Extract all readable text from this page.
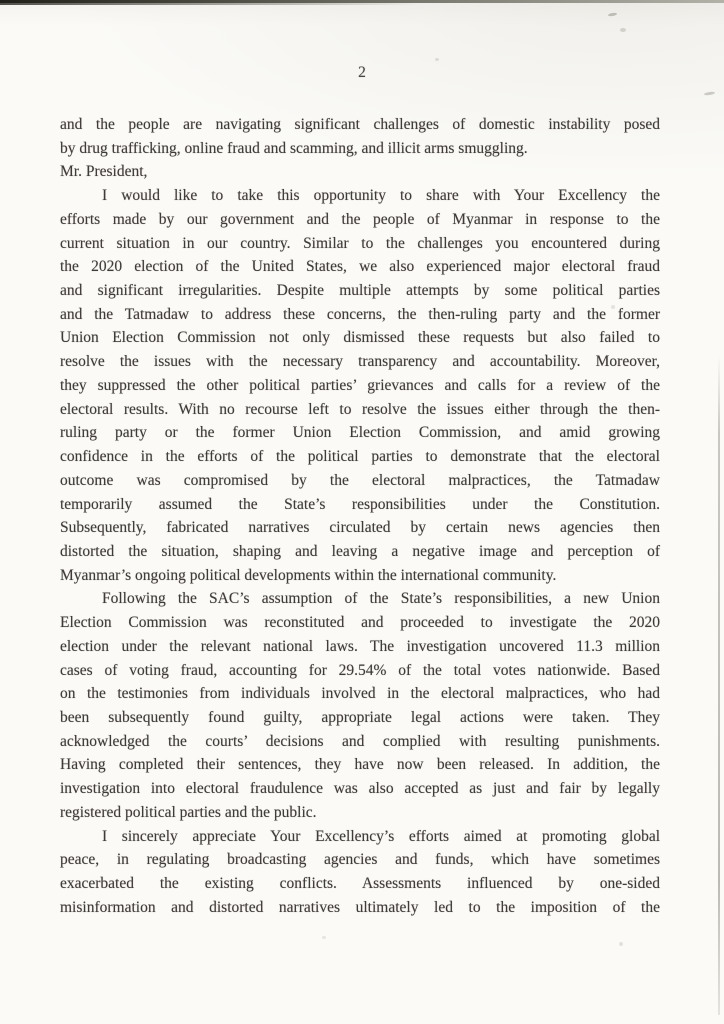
2
and the people are navigating significant challenges of domestic instability posed
by drug trafficking, online fraud and scamming, and illicit arms smuggling.
Mr. President,
I would like to take this opportunity to share with Your Excellency the
efforts made by our government and the people of Myanmar in response to the
current situation in our country. Similar to the challenges you encountered during
the 2020 election of the United States, we also experienced major electoral fraud
and significant irregularities. Despite multiple attempts by some political parties
and the Tatmadaw to address these concerns, the then-ruling party and the former
Union Election Commission not only dismissed these requests but also failed to
resolve the issues with the necessary transparency and accountability. Moreover,
they suppressed the other political parties’ grievances and calls for a review of the
electoral results. With no recourse left to resolve the issues either through the then-
ruling party or the former Union Election Commission, and amid growing
confidence in the efforts of the political parties to demonstrate that the electoral
outcome was compromised by the electoral malpractices, the Tatmadaw
temporarily assumed the State’s responsibilities under the Constitution.
Subsequently, fabricated narratives circulated by certain news agencies then
distorted the situation, shaping and leaving a negative image and perception of
Myanmar’s ongoing political developments within the international community.
Following the SAC’s assumption of the State’s responsibilities, a new Union
Election Commission was reconstituted and proceeded to investigate the 2020
election under the relevant national laws. The investigation uncovered 11.3 million
cases of voting fraud, accounting for 29.54% of the total votes nationwide. Based
on the testimonies from individuals involved in the electoral malpractices, who had
been subsequently found guilty, appropriate legal actions were taken. They
acknowledged the courts’ decisions and complied with resulting punishments.
Having completed their sentences, they have now been released. In addition, the
investigation into electoral fraudulence was also accepted as just and fair by legally
registered political parties and the public.
I sincerely appreciate Your Excellency’s efforts aimed at promoting global
peace, in regulating broadcasting agencies and funds, which have sometimes
exacerbated the existing conflicts. Assessments influenced by one-sided
misinformation and distorted narratives ultimately led to the imposition of the
